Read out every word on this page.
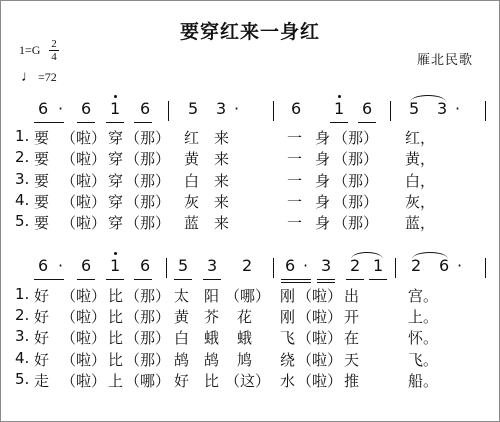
要穿红来一身红
1=G 2
4
♩ =72
雁北民歌
6 · 6 1 6 5 3 ·	6 1 6 5 3 ·
1. 要 （啦） 穿 （那） 红 来	一 身 （那） 红，
2. 要 （啦） 穿 （那） 黄 来	一 身 （那） 黄，
3. 要 （啦） 穿 （那） 白 来	一 身 （那） 白，
4. 要 （啦） 穿 （那） 灰 来	一 身 （那） 灰，
5. 要 （啦） 穿 （那） 蓝 来	一 身 （那） 蓝，
6 · 6 1 6 5 3 2 6 · 3 2 1 2 6 ·
1. 好 （啦） 比 （那） 太 阳 （哪） 刚 （啦） 出	宫。
2. 好 （啦） 比 （那） 黄 芥 花 刚 （啦） 开	上。
3. 好 （啦） 比 （那） 白 蛾 蛾 飞 （啦） 在	怀。
4. 好 （啦） 比 （那） 鸪 鸪 鸠 绕 （啦） 天	飞。
5. 走 （啦） 上 （哪） 好 比 （这） 水 （啦） 推	船。
